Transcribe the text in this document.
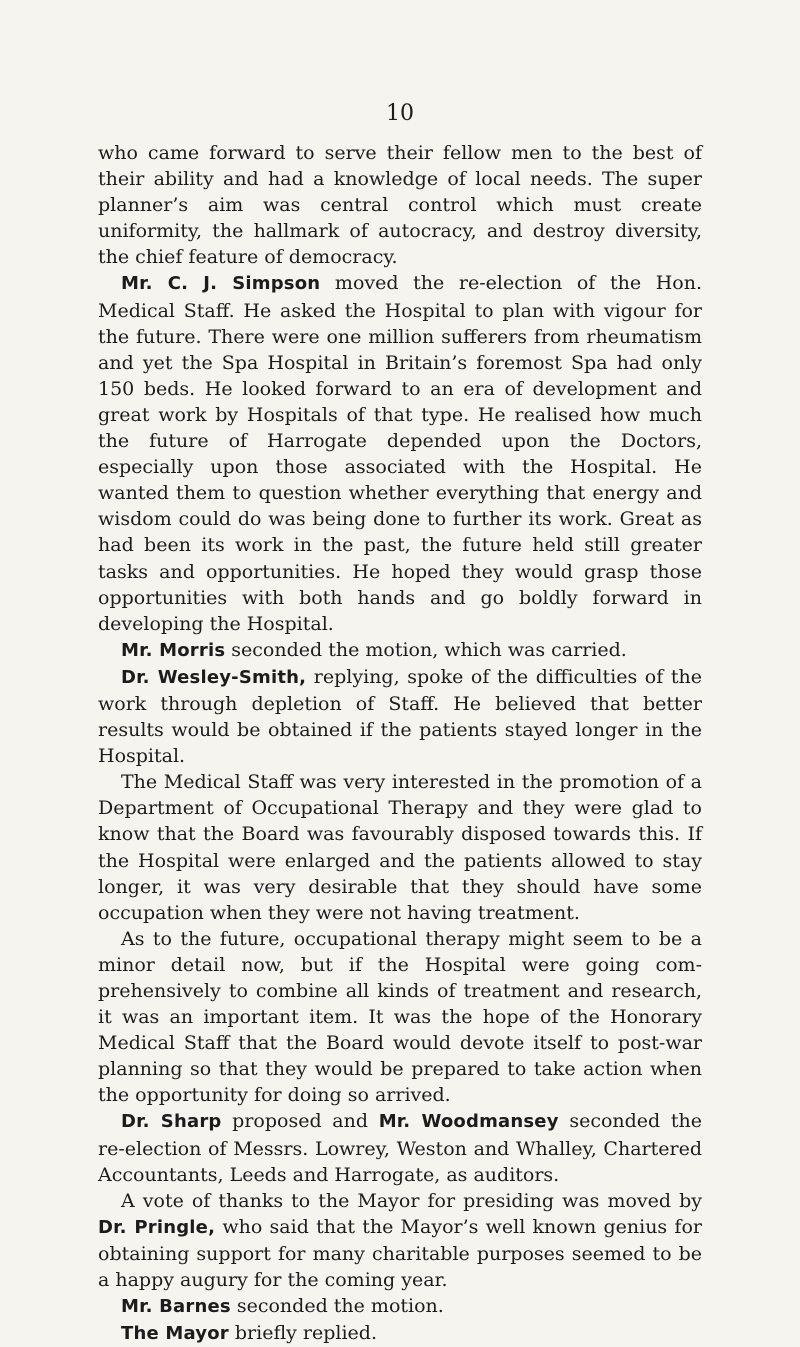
10

who came forward to serve their fellow men to the best of their ability and had a knowledge of local needs. The super planner’s aim was central control which must create uniformity, the hallmark of autocracy, and destroy diversity, the chief feature of democracy.

Mr. C. J. Simpson moved the re-election of the Hon. Medical Staff. He asked the Hospital to plan with vigour for the future. There were one million sufferers from rheumatism and yet the Spa Hospital in Britain’s foremost Spa had only 150 beds. He looked forward to an era of development and great work by Hospitals of that type. He realised how much the future of Harrogate depended upon the Doctors, especially upon those associated with the Hospital. He wanted them to question whether everything that energy and wisdom could do was being done to further its work. Great as had been its work in the past, the future held still greater tasks and opportunities. He hoped they would grasp those opportunities with both hands and go boldly forward in developing the Hospital.

Mr. Morris seconded the motion, which was carried.

Dr. Wesley-Smith, replying, spoke of the difficulties of the work through depletion of Staff. He believed that better results would be obtained if the patients stayed longer in the Hospital.

The Medical Staff was very interested in the promotion of a Department of Occupational Therapy and they were glad to know that the Board was favourably disposed towards this. If the Hospital were enlarged and the patients allowed to stay longer, it was very desirable that they should have some occupation when they were not having treatment.

As to the future, occupational therapy might seem to be a minor detail now, but if the Hospital were going com- prehensively to combine all kinds of treatment and research, it was an important item. It was the hope of the Honorary Medical Staff that the Board would devote itself to post-war planning so that they would be prepared to take action when the opportunity for doing so arrived.

Dr. Sharp proposed and Mr. Woodmansey seconded the re-election of Messrs. Lowrey, Weston and Whalley, Chartered Accountants, Leeds and Harrogate, as auditors.

A vote of thanks to the Mayor for presiding was moved by Dr. Pringle, who said that the Mayor’s well known genius for obtaining support for many charitable purposes seemed to be a happy augury for the coming year.

Mr. Barnes seconded the motion.

The Mayor briefly replied.
